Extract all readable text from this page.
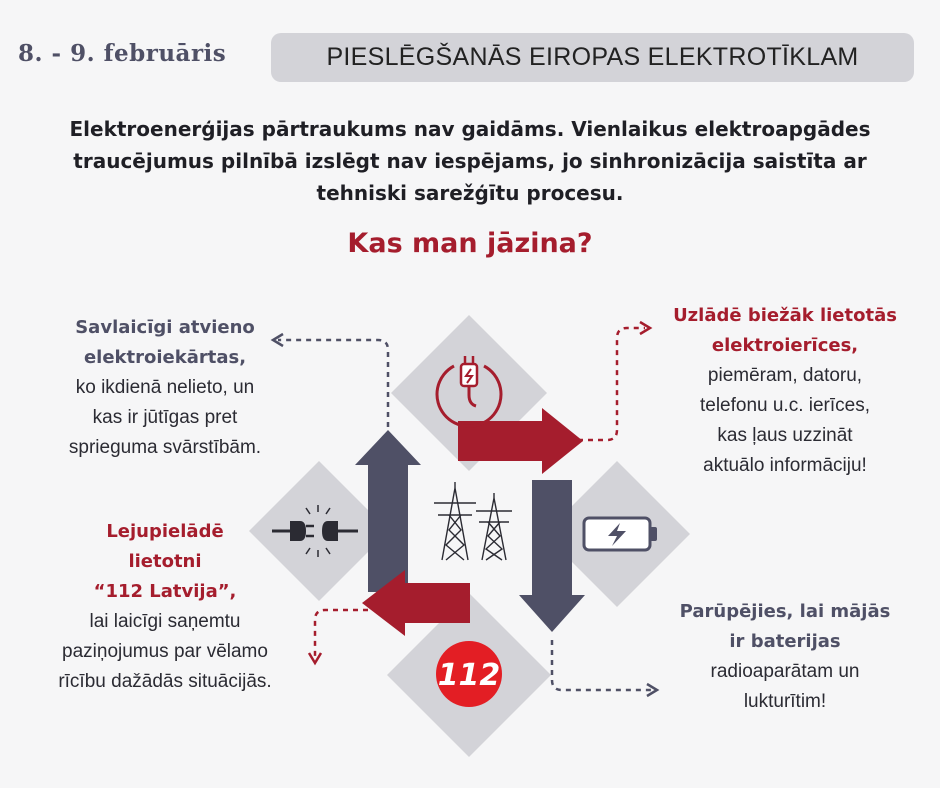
8. - 9. februāris	PIESLĒGŠANĀS EIROPAS ELEKTROTĪKLAM
Elektroenerģijas pārtraukums nav gaidāms. Vienlaikus elektroapgādes
traucējumus pilnībā izslēgt nav iespējams, jo sinhronizācija saistīta ar
tehniski sarežģītu procesu.
Kas man jāzina?
112
Savlaicīgi atvieno
elektroiekārtas,
ko ikdienā nelieto, un
kas ir jūtīgas pret
sprieguma svārstībām.
Uzlādē biežāk lietotās
elektroierīces,
piemēram, datoru,
telefonu u.c. ierīces,
kas ļaus uzzināt
aktuālo informāciju!
Lejupielādē
lietotni
“112 Latvija”,
lai laicīgi saņemtu
paziņojumus par vēlamo
rīcību dažādās situācijās.
Parūpējies, lai mājās
ir baterijas
radioaparātam un
lukturītim!
